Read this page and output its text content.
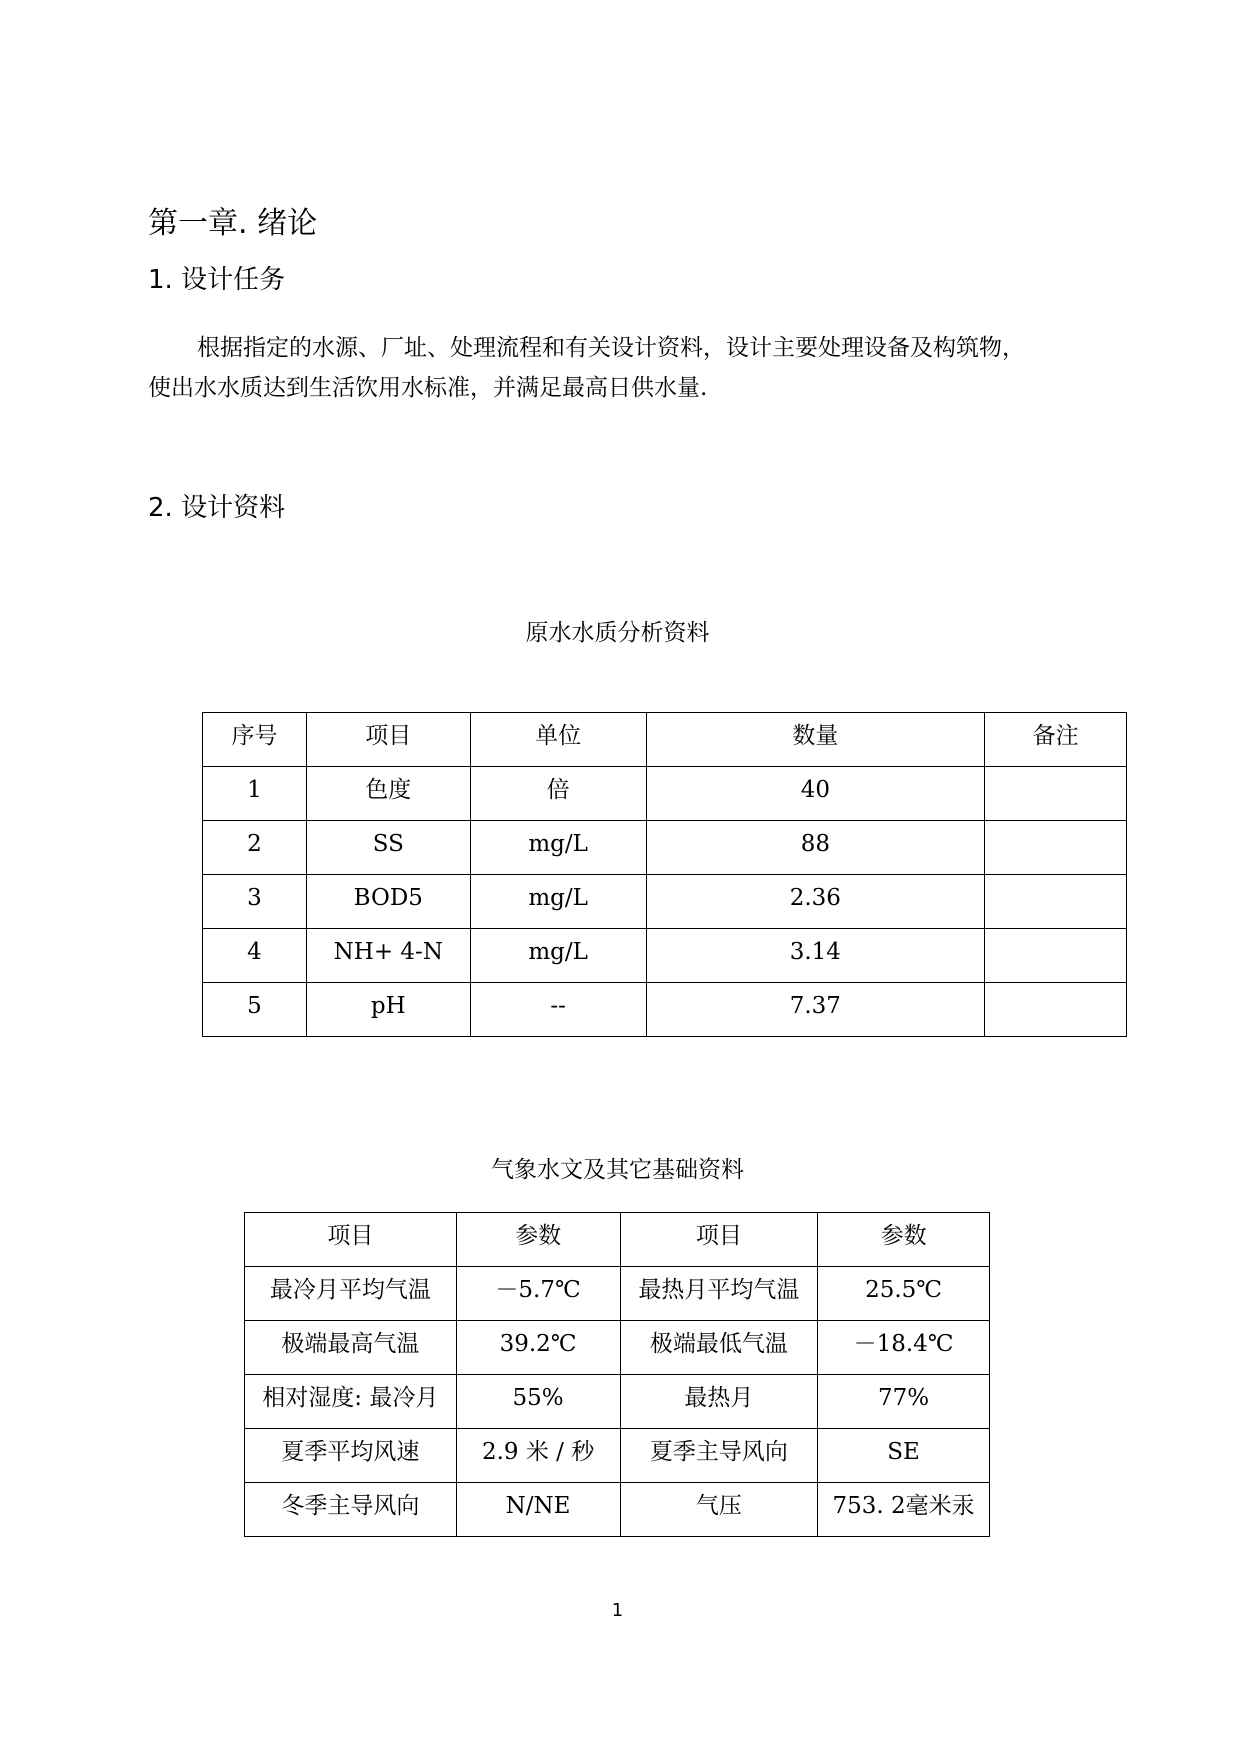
第一章. 绪论
1. 设计任务
根据指定的水源、厂址、处理流程和有关设计资料，设计主要处理设备及构筑物，
使出水水质达到生活饮用水标准，并满足最高日供水量.
2. 设计资料
原水水质分析资料
序号	项目	单位	数量	备注
1	色度	倍	40	
2	SS	mg/L	88	
3	BOD5	mg/L	2.36	
4	NH+ 4-N	mg/L	3.14	
5	pH	--	7.37	
气象水文及其它基础资料
项目	参数	项目	参数
最冷月平均气温	－5.7℃	最热月平均气温	25.5℃
极端最高气温	39.2℃	极端最低气温	－18.4℃
相对湿度: 最冷月	55%	最热月	77%
夏季平均风速	2.9 米 / 秒	夏季主导风向	SE
冬季主导风向	N/NE	气压	753. 2毫米汞
1
